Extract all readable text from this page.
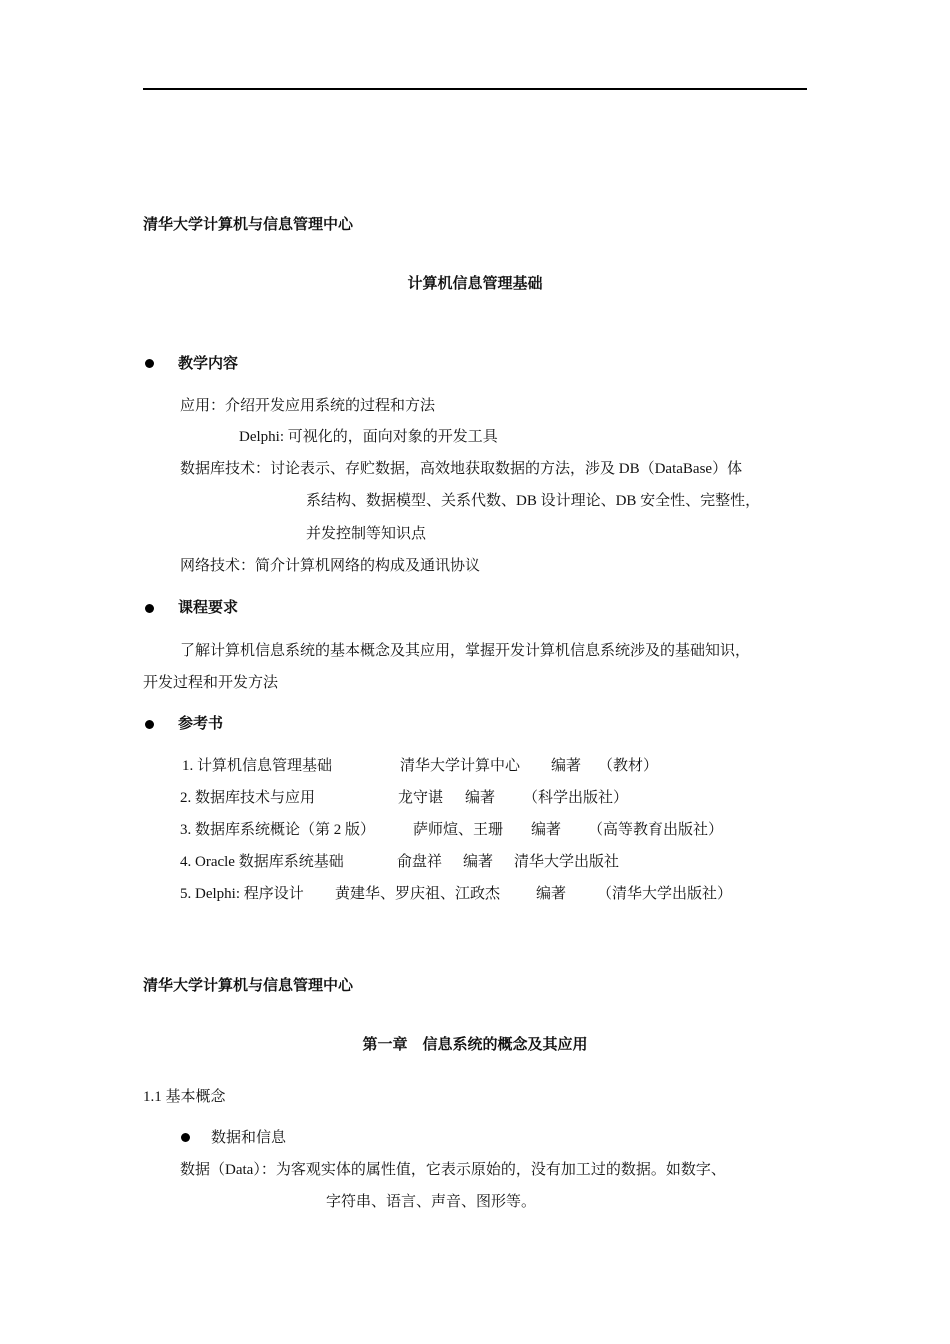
清华大学计算机与信息管理中心
计算机信息管理基础
教学内容
应用：介绍开发应用系统的过程和方法
Delphi: 可视化的，面向对象的开发工具
数据库技术：讨论表示、存贮数据，高效地获取数据的方法，涉及 DB（DataBase）体
系结构、数据模型、关系代数、DB 设计理论、DB 安全性、完整性，
并发控制等知识点
网络技术：简介计算机网络的构成及通讯协议
课程要求
了解计算机信息系统的基本概念及其应用，掌握开发计算机信息系统涉及的基础知识，
开发过程和开发方法
参考书
1. 计算机信息管理基础	清华大学计算中心 编著 （教材）
2. 数据库技术与应用	龙守谌 编著 （科学出版社）
3. 数据库系统概论（第 2 版）	萨师煊、王珊 编著 （高等教育出版社）
4. Oracle 数据库系统基础	俞盘祥 编著 清华大学出版社
5. Delphi: 程序设计 黄建华、罗庆祖、江政杰 编著 （清华大学出版社）
清华大学计算机与信息管理中心
第一章　信息系统的概念及其应用
1.1 基本概念
数据和信息
数据（Data）：为客观实体的属性值，它表示原始的，没有加工过的数据。如数字、
字符串、语言、声音、图形等。
